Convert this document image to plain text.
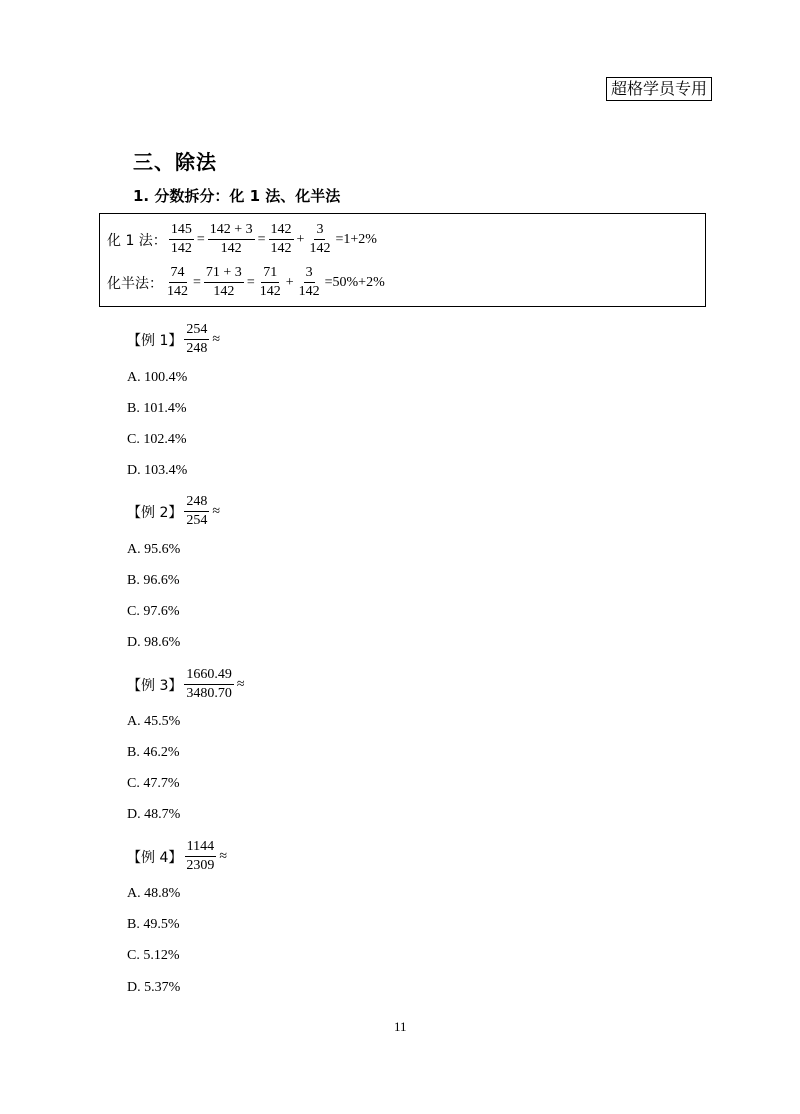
超格学员专用
三、除法
1. 分数拆分：化 1 法、化半法
化 1 法： $\frac{145}{142} = \frac{142 + 3}{142} = \frac{142}{142} + \frac{3}{142} =1+2\%$
化半法： $\frac{74}{142} = \frac{71 + 3}{142} = \frac{71}{142} + \frac{3}{142} =50\%+2\%$
【 例 1 】 $\frac{254}{248}$ ≈
A. 100.4%
B. 101.4%
C. 102.4%
D. 103.4%
【 例 2 】 $\frac{248}{254}$ ≈
A. 95.6%
B. 96.6%
C. 97.6%
D. 98.6%
【 例 3 】 $\frac{1660.49}{3480.70}$ ≈
A. 45.5%
B. 46.2%
C. 47.7%
D. 48.7%
【 例 4 】 $\frac{1144}{2309}$ ≈
A. 48.8%
B. 49.5%
C. 5.12%
D. 5.37%
11
